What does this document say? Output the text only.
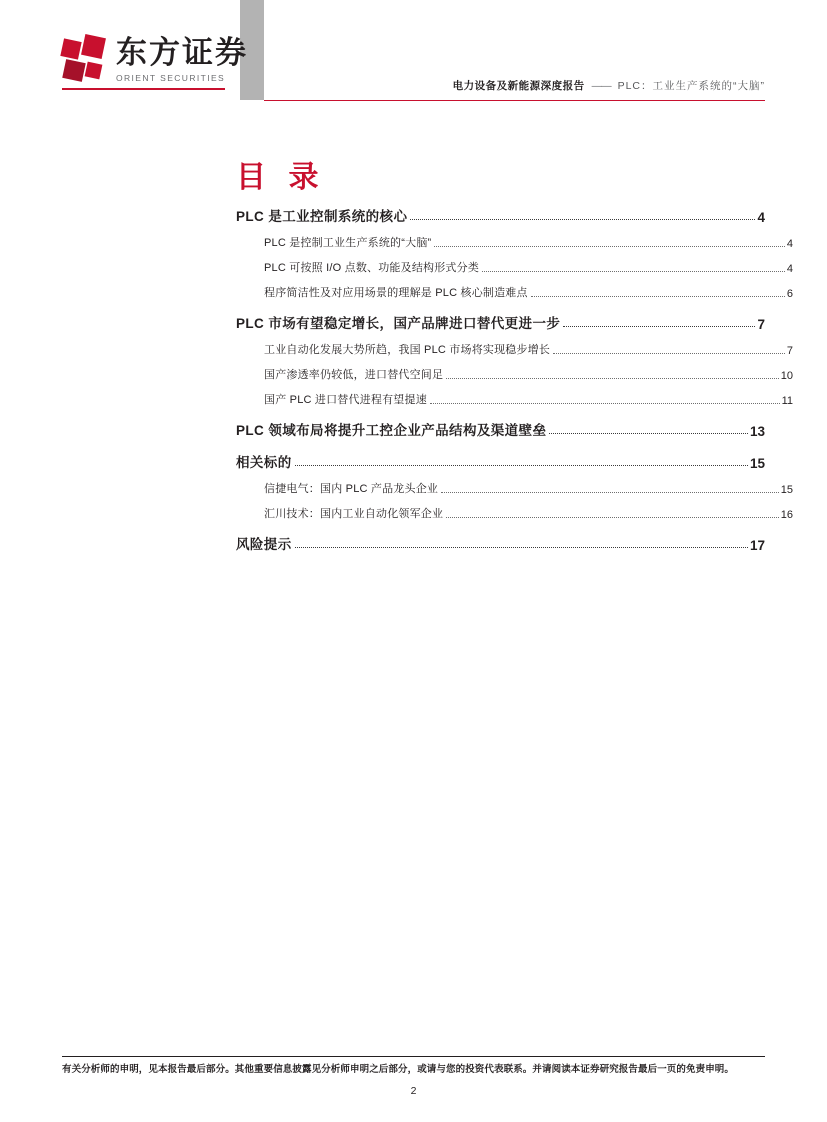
东方证券
ORIENT SECURITIES
电力设备及新能源深度报告 —— PLC：工业生产系统的“大脑”
目 录
PLC 是工业控制系统的核心	4
PLC 是控制工业生产系统的“大脑”	4
PLC 可按照 I/O 点数、功能及结构形式分类	4
程序简洁性及对应用场景的理解是 PLC 核心制造难点	6
PLC 市场有望稳定增长，国产品牌进口替代更进一步	7
工业自动化发展大势所趋，我国 PLC 市场将实现稳步增长	7
国产渗透率仍较低，进口替代空间足	10
国产 PLC 进口替代进程有望提速	11
PLC 领域布局将提升工控企业产品结构及渠道壁垒	13
相关标的	15
信捷电气：国内 PLC 产品龙头企业	15
汇川技术：国内工业自动化领军企业	16
风险提示	17
有关分析师的申明，见本报告最后部分。其他重要信息披露见分析师申明之后部分，或请与您的投资代表联系。并请阅读本证券研究报告最后一页的免责申明。
2
